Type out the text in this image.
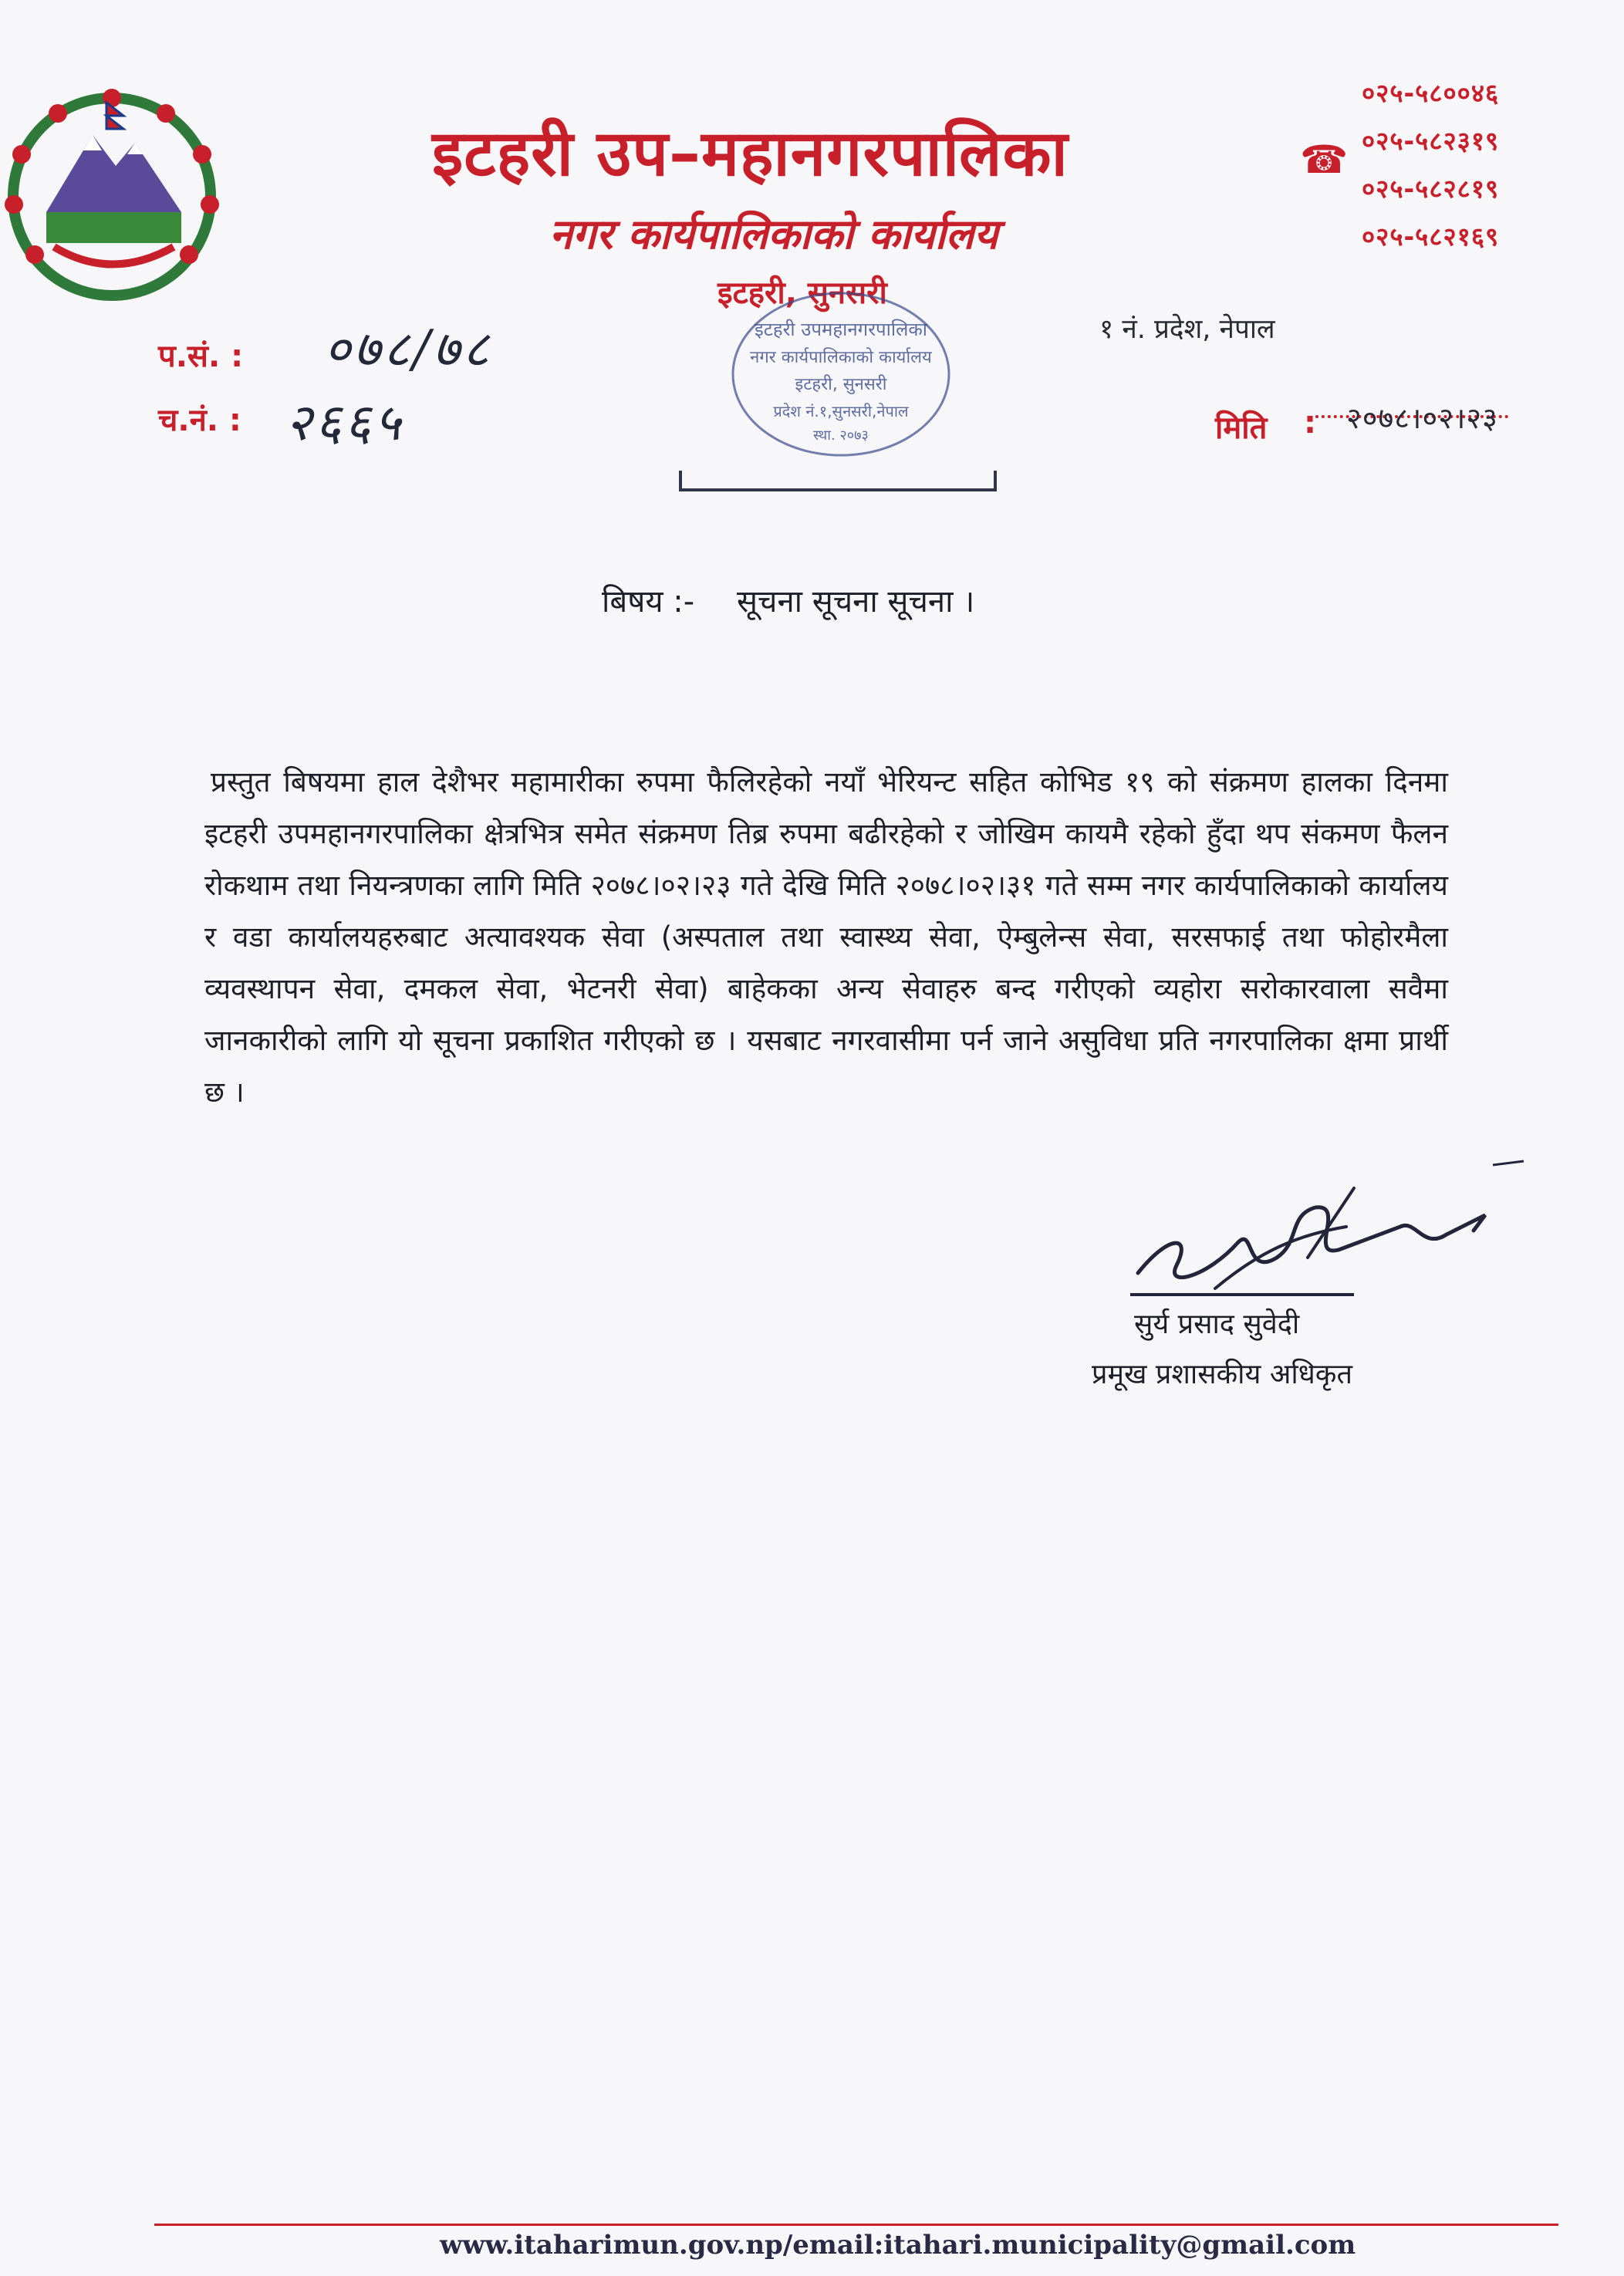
इटहरी उप–महानगरपालिका
नगर कार्यपालिकाको कार्यालय
इटहरी, सुनसरी
☎
०२५-५८००४६
०२५-५८२३१९
०२५-५८२८१९
०२५-५८२१६९
१ नं. प्रदेश, नेपाल
प.सं. : ०७८/७८
च.नं. : २६६५	मिति : २०७८।०२।२३
इटहरी उपमहानगरपालिका
नगर कार्यपालिकाको कार्यालय
इटहरी, सुनसरी
प्रदेश नं.१,सुनसरी,नेपाल
स्था. २०७३
बिषय :- सूचना सूचना सूचना ।

प्रस्तुत बिषयमा हाल देशैभर महामारीका रुपमा फैलिरहेको नयाँ भेरियन्ट सहित कोभिड १९ को संक्रमण हालका दिनमा इटहरी उपमहानगरपालिका क्षेत्रभित्र समेत संक्रमण तिब्र रुपमा बढीरहेको र जोखिम कायमै रहेको हुँदा थप संकमण फैलन रोकथाम तथा नियन्त्रणका लागि मिति २०७८।०२।२३ गते देखि मिति २०७८।०२।३१ गते सम्म नगर कार्यपालिकाको कार्यालय र वडा कार्यालयहरुबाट अत्यावश्यक सेवा (अस्पताल तथा स्वास्थ्य सेवा, ऐम्बुलेन्स सेवा, सरसफाई तथा फोहोरमैला व्यवस्थापन सेवा, दमकल सेवा, भेटनरी सेवा) बाहेकका अन्य सेवाहरु बन्द गरीएको व्यहोरा सरोकारवाला सवैमा जानकारीको लागि यो सूचना प्रकाशित गरीएको छ । यसबाट नगरवासीमा पर्न जाने असुविधा प्रति नगरपालिका क्षमा प्रार्थी छ ।

सुर्य प्रसाद सुवेदी
प्रमूख प्रशासकीय अधिकृत
www.itaharimun.gov.np/email:itahari.municipality@gmail.com
